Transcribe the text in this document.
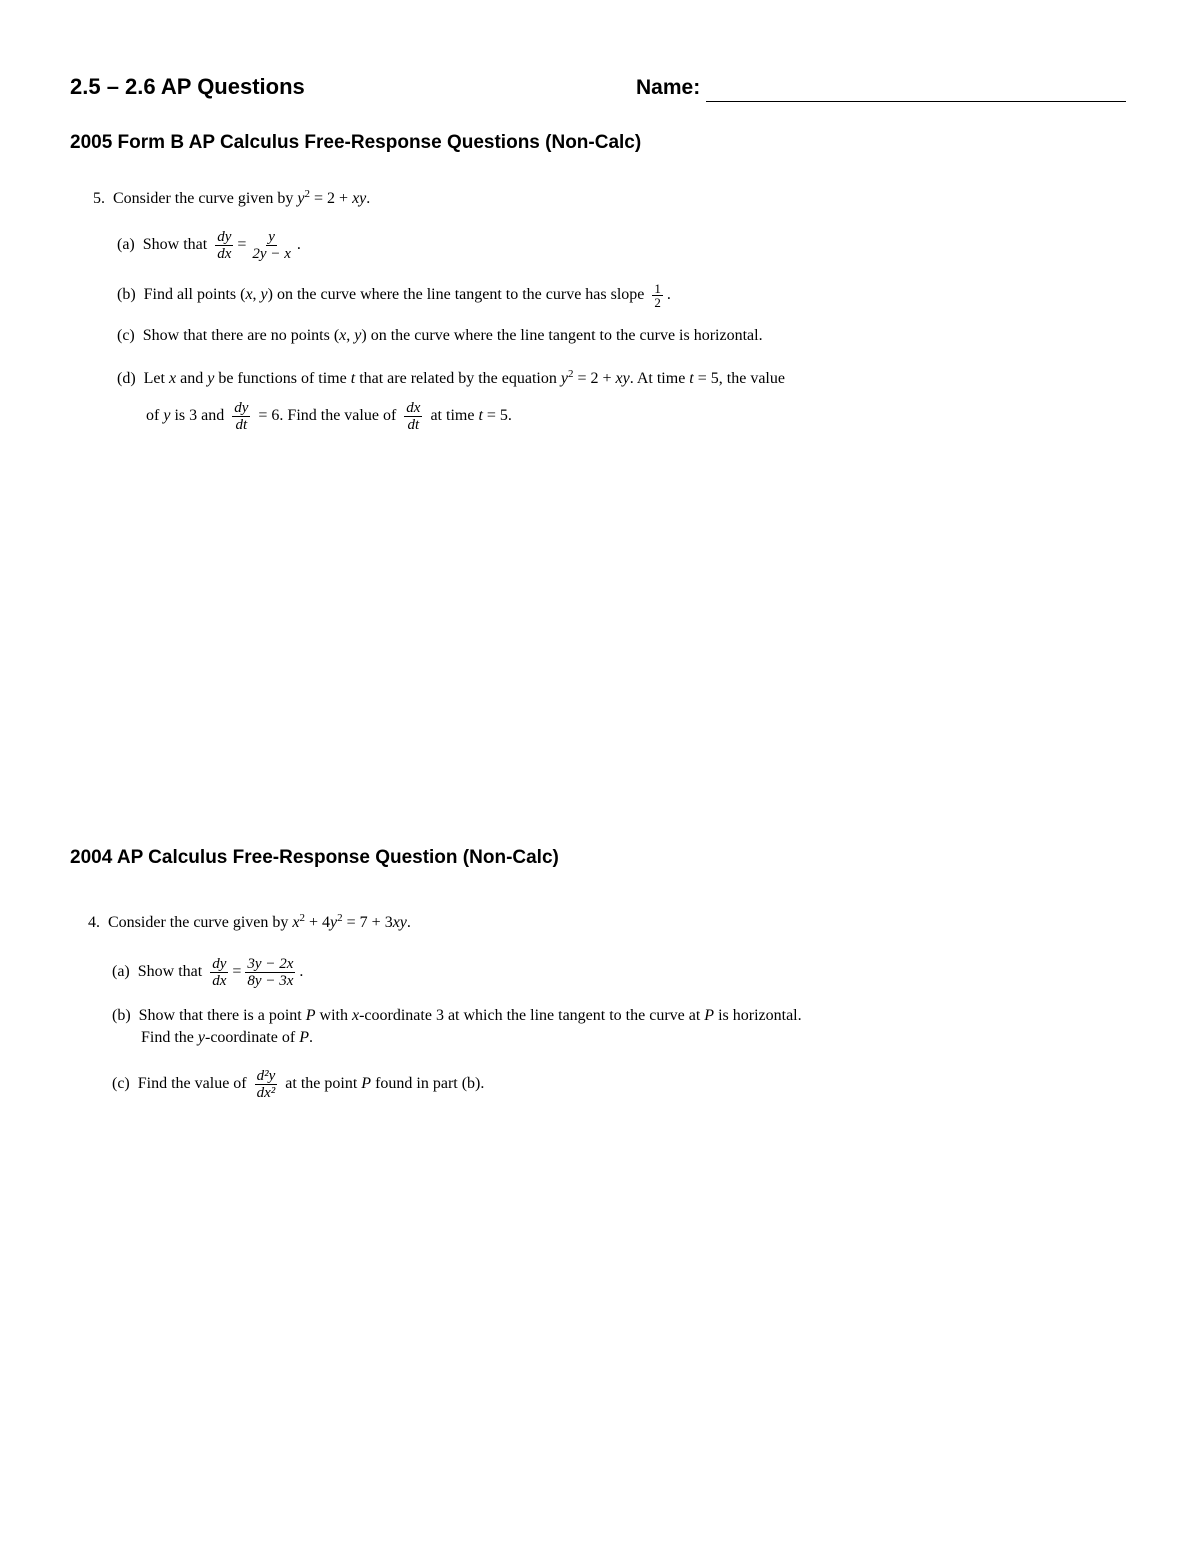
2.5 – 2.6 AP Questions	Name:
2005 Form B AP Calculus Free-Response Questions (Non-Calc)
5. Consider the curve given by $y^2 = 2$ + xy.
(a) Show that $\frac{dy}{dx} = \frac{y}{2y - x}$ .
(b) Find all points (x, y) on the curve where the line tangent to the curve has slope $\frac{1}{2}$ .
(c) Show that there are no points (x, y) on the curve where the line tangent to the curve is horizontal.
(d) Let x and y be functions of time t that are related by the equation $y^2 = 2$ + xy. At time t = 5, the value
of y is 3 and $\frac{dy}{dt} = 6$. Find the value of $\frac{dx}{dt}$ at time t = 5.
2004 AP Calculus Free-Response Question (Non-Calc)
4. Consider the curve given by $x^2 + 4y^2 = 7 + 3xy$.
(a) Show that $\frac{dy}{dx} = \frac{3y - 2x}{8y - 3x}$ .
(b) Show that there is a point P with x-coordinate 3 at which the line tangent to the curve at P is horizontal.
Find the y-coordinate of P.
(c) Find the value of $\frac{\text{d²y}}{\text{dx²}}$ at the point P found in part (b).
